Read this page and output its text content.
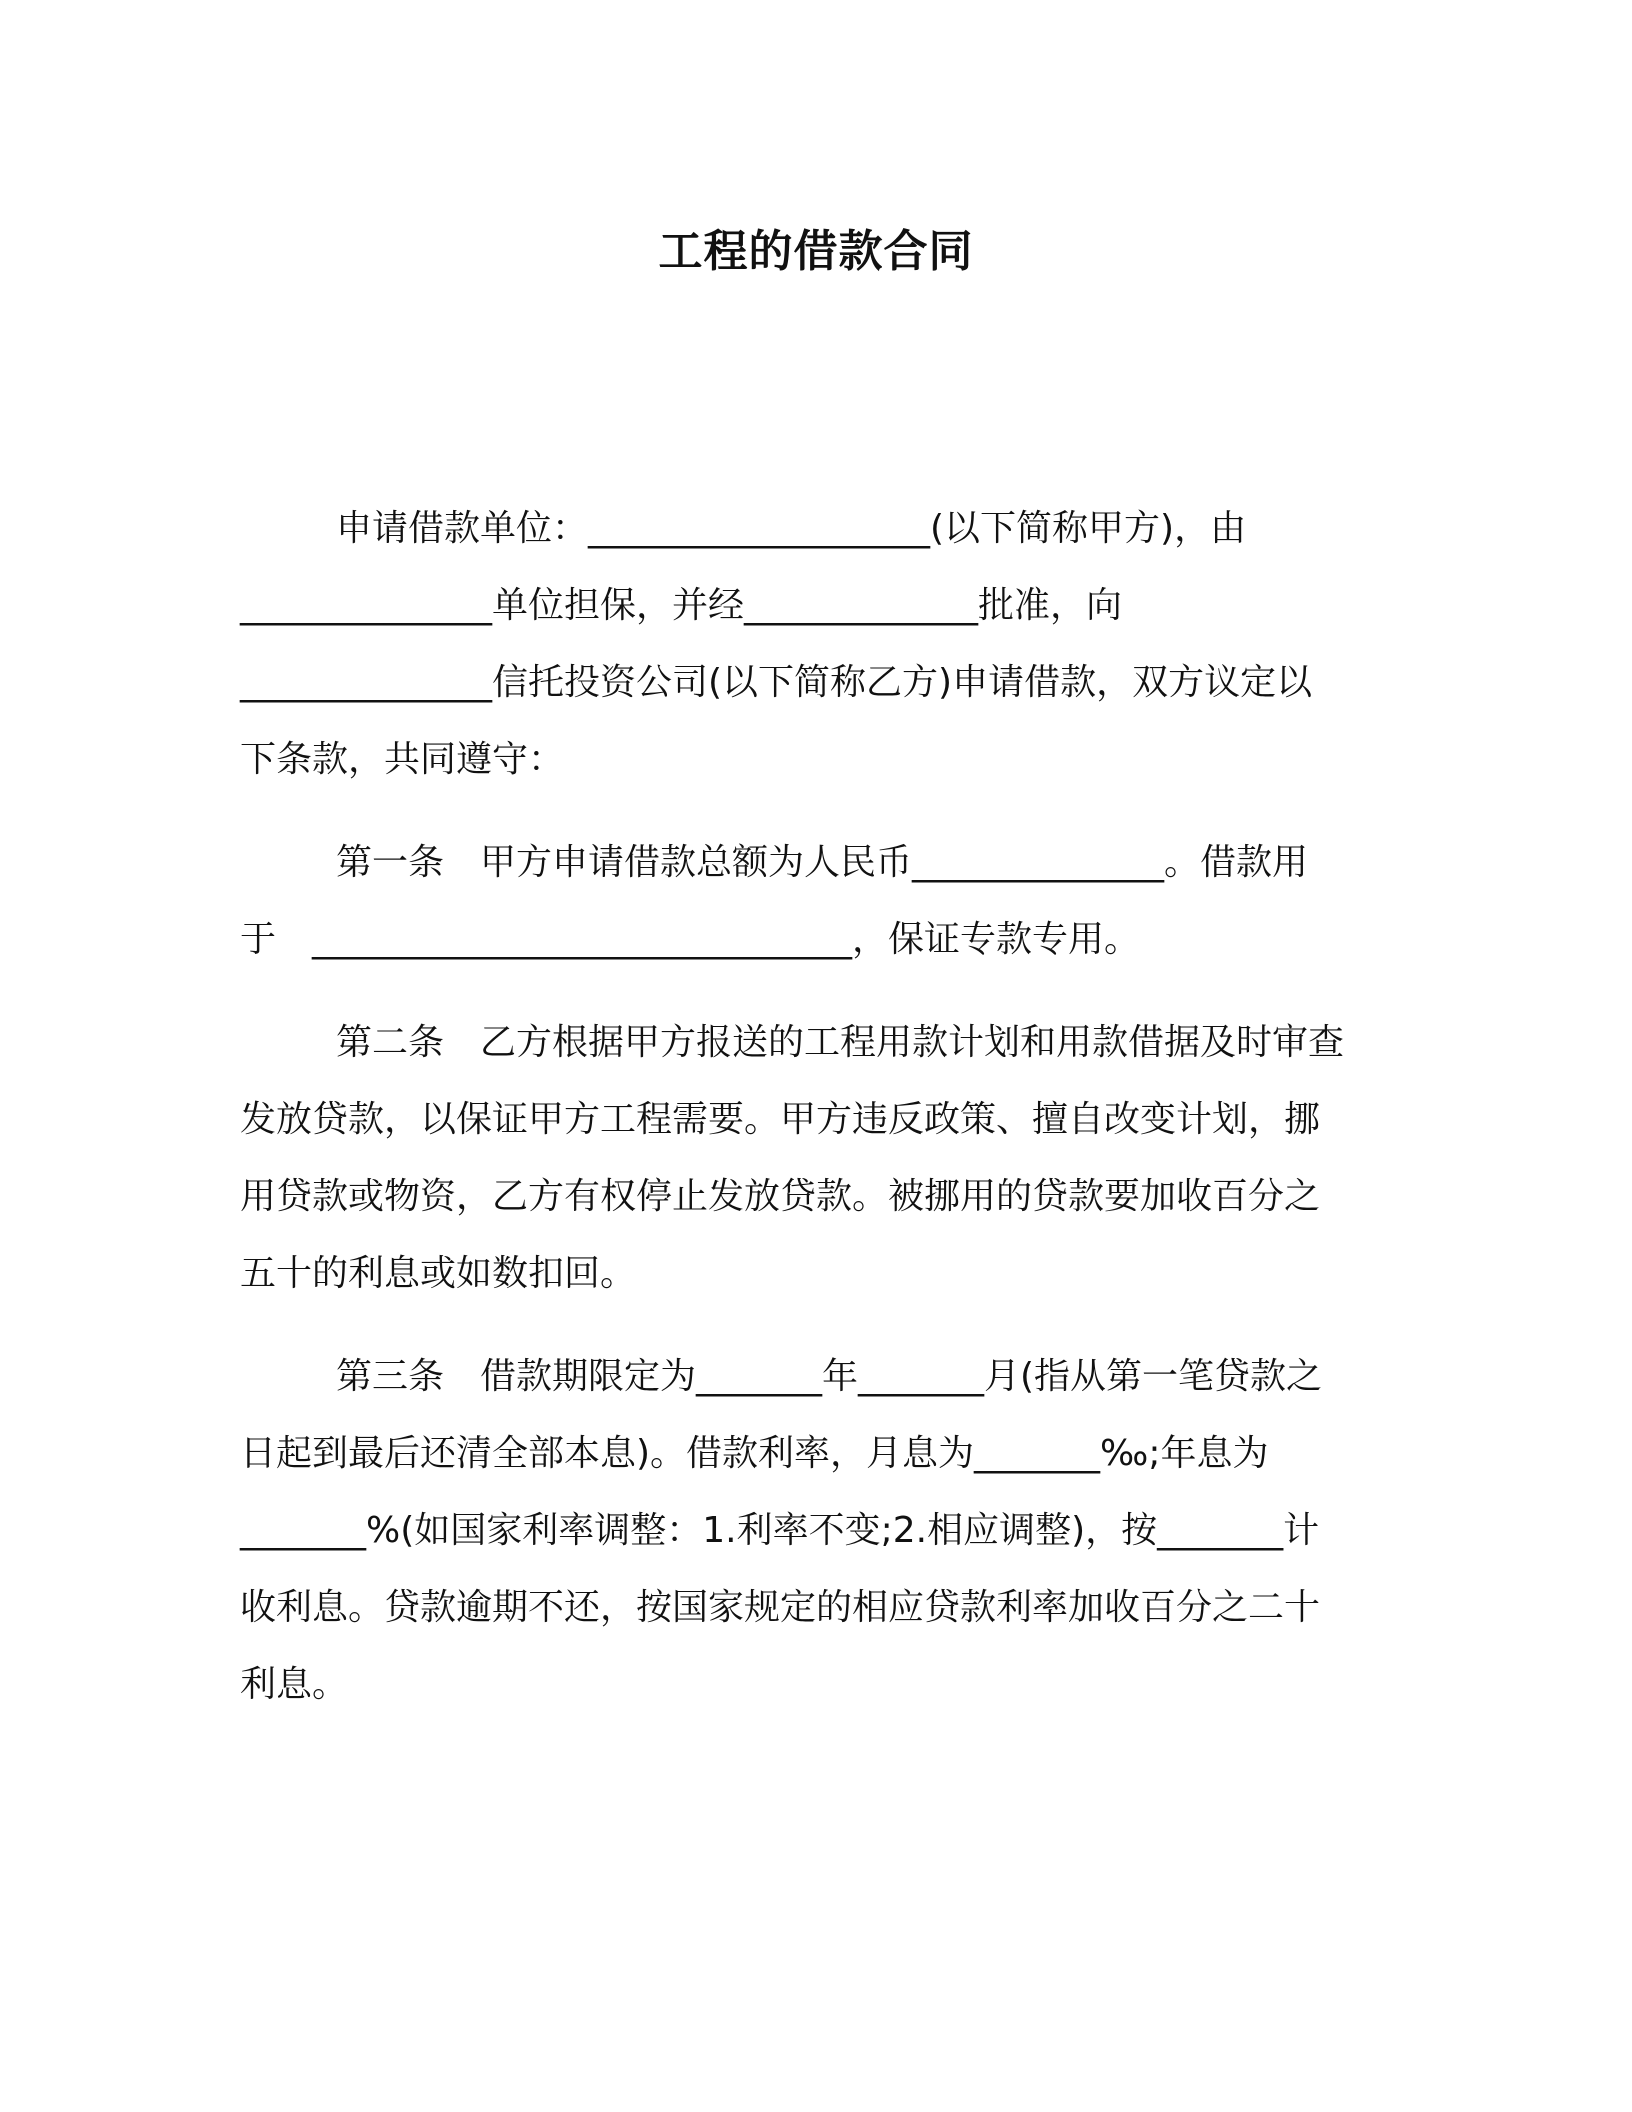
工程的借款合同
申请借款单位：___________________(以下简称甲方)，由
______________单位担保，并经_____________批准，向
______________信托投资公司(以下简称乙方)申请借款，双方议定以
下条款，共同遵守：
第一条　甲方申请借款总额为人民币______________。借款用
于　______________________________，保证专款专用。
第二条　乙方根据甲方报送的工程用款计划和用款借据及时审查
发放贷款，以保证甲方工程需要。甲方违反政策、擅自改变计划，挪
用贷款或物资，乙方有权停止发放贷款。被挪用的贷款要加收百分之
五十的利息或如数扣回。
第三条　借款期限定为_______年_______月(指从第一笔贷款之
日起到最后还清全部本息)。借款利率，月息为_______‰;年息为
_______%(如国家利率调整：1.利率不变;2.相应调整)，按_______计
收利息。贷款逾期不还，按国家规定的相应贷款利率加收百分之二十
利息。
